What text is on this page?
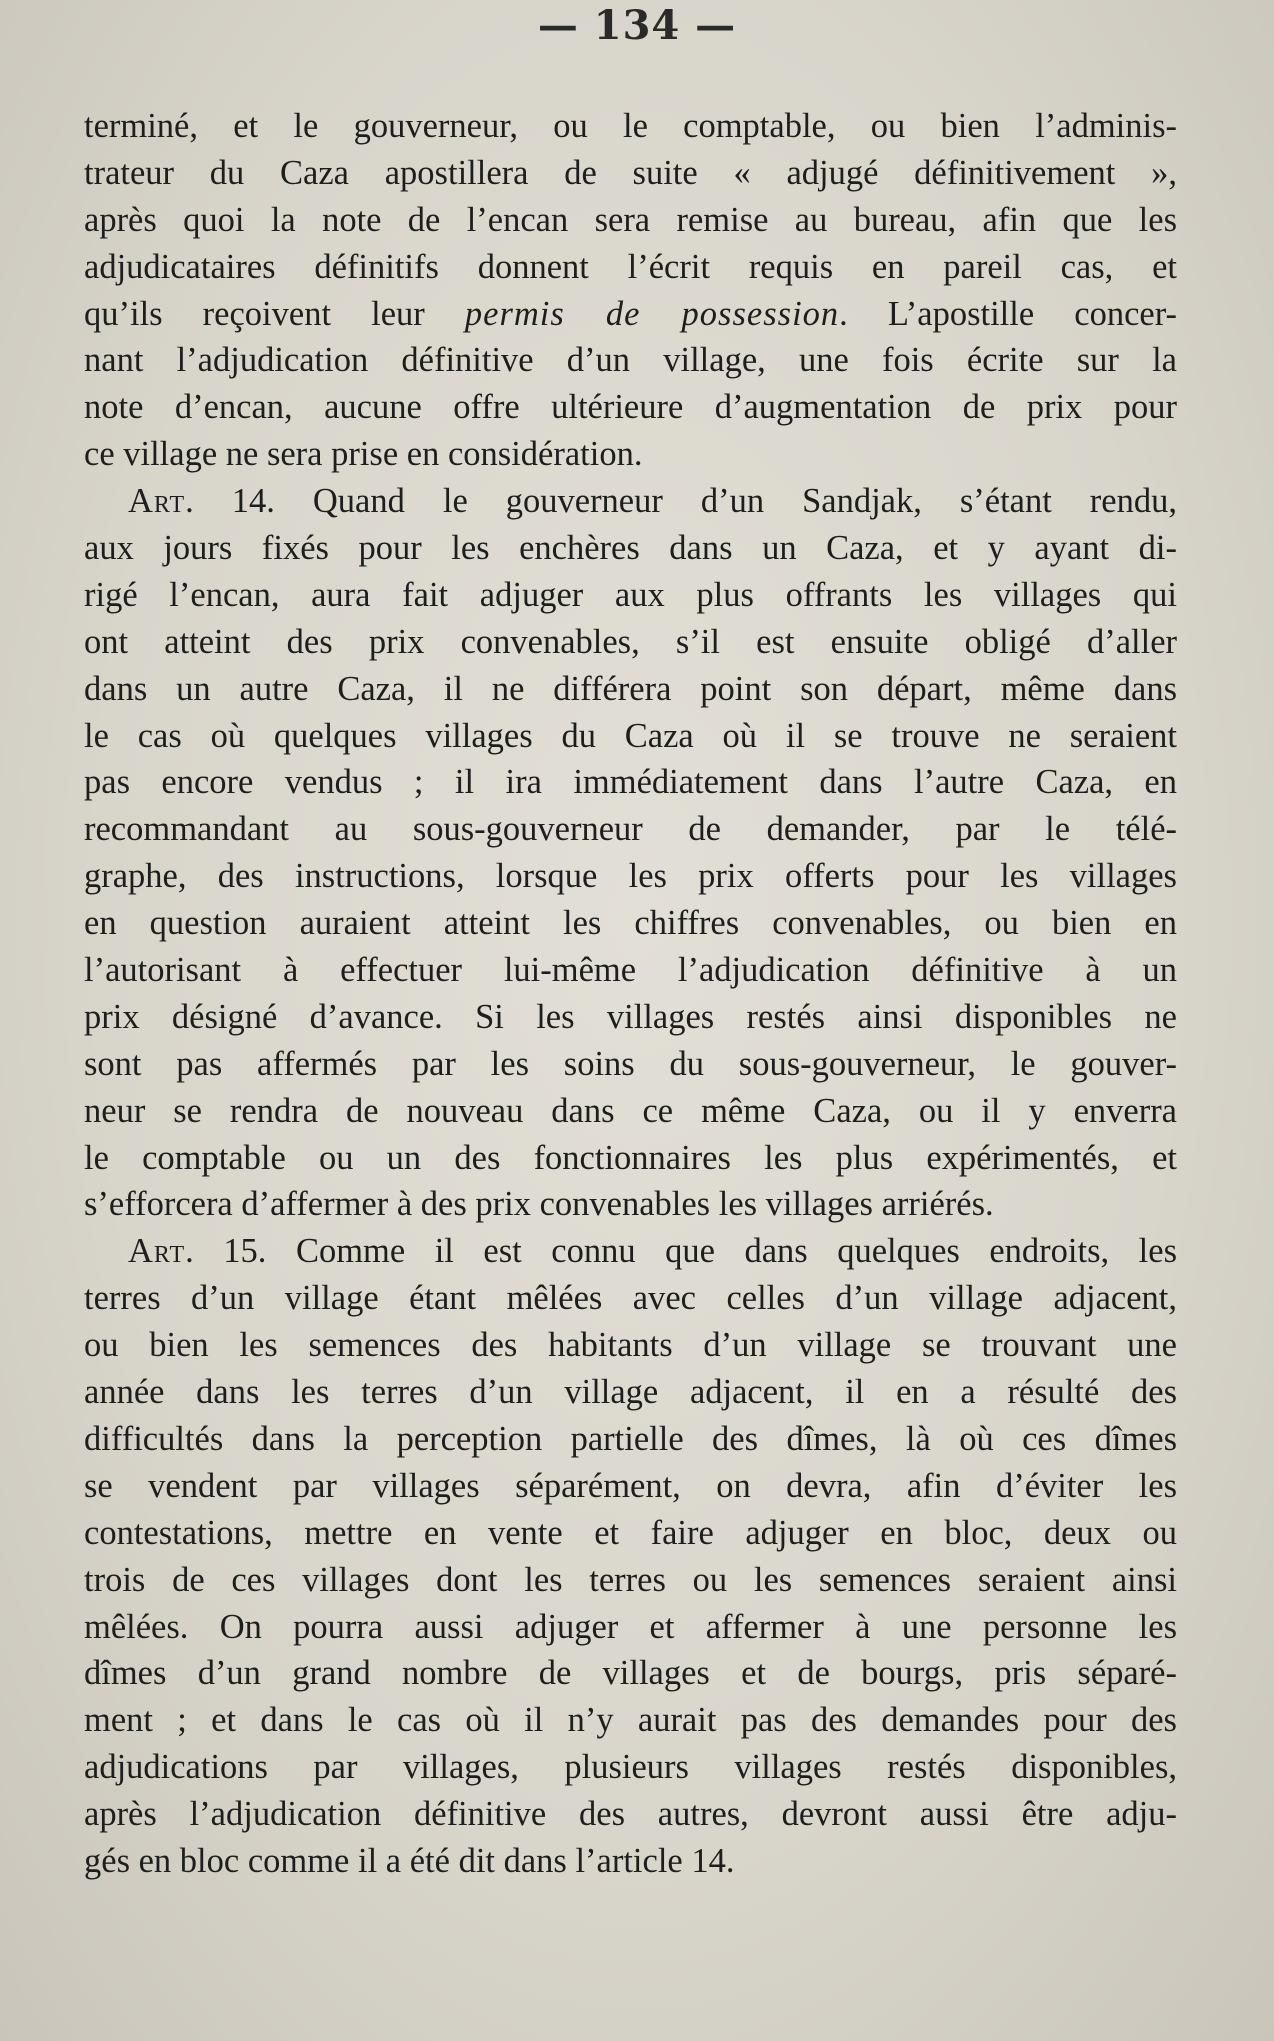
— 134 —
terminé, et le gouverneur, ou le comptable, ou bien l’adminis-
trateur du Caza apostillera de suite « adjugé définitivement »,
après quoi la note de l’encan sera remise au bureau, afin que les
adjudicataires définitifs donnent l’écrit requis en pareil cas, et
qu’ils reçoivent leur permis de possession. L’apostille concer-
nant l’adjudication définitive d’un village, une fois écrite sur la
note d’encan, aucune offre ultérieure d’augmentation de prix pour
ce village ne sera prise en considération.
Art. 14. Quand le gouverneur d’un Sandjak, s’étant rendu,
aux jours fixés pour les enchères dans un Caza, et y ayant di-
rigé l’encan, aura fait adjuger aux plus offrants les villages qui
ont atteint des prix convenables, s’il est ensuite obligé d’aller
dans un autre Caza, il ne différera point son départ, même dans
le cas où quelques villages du Caza où il se trouve ne seraient
pas encore vendus ; il ira immédiatement dans l’autre Caza, en
recommandant au sous-gouverneur de demander, par le télé-
graphe, des instructions, lorsque les prix offerts pour les villages
en question auraient atteint les chiffres convenables, ou bien en
l’autorisant à effectuer lui-même l’adjudication définitive à un
prix désigné d’avance. Si les villages restés ainsi disponibles ne
sont pas affermés par les soins du sous-gouverneur, le gouver-
neur se rendra de nouveau dans ce même Caza, ou il y enverra
le comptable ou un des fonctionnaires les plus expérimentés, et
s’efforcera d’affermer à des prix convenables les villages arriérés.
Art. 15. Comme il est connu que dans quelques endroits, les
terres d’un village étant mêlées avec celles d’un village adjacent,
ou bien les semences des habitants d’un village se trouvant une
année dans les terres d’un village adjacent, il en a résulté des
difficultés dans la perception partielle des dîmes, là où ces dîmes
se vendent par villages séparément, on devra, afin d’éviter les
contestations, mettre en vente et faire adjuger en bloc, deux ou
trois de ces villages dont les terres ou les semences seraient ainsi
mêlées. On pourra aussi adjuger et affermer à une personne les
dîmes d’un grand nombre de villages et de bourgs, pris séparé-
ment ; et dans le cas où il n’y aurait pas des demandes pour des
adjudications par villages, plusieurs villages restés disponibles,
après l’adjudication définitive des autres, devront aussi être adju-
gés en bloc comme il a été dit dans l’article 14.
